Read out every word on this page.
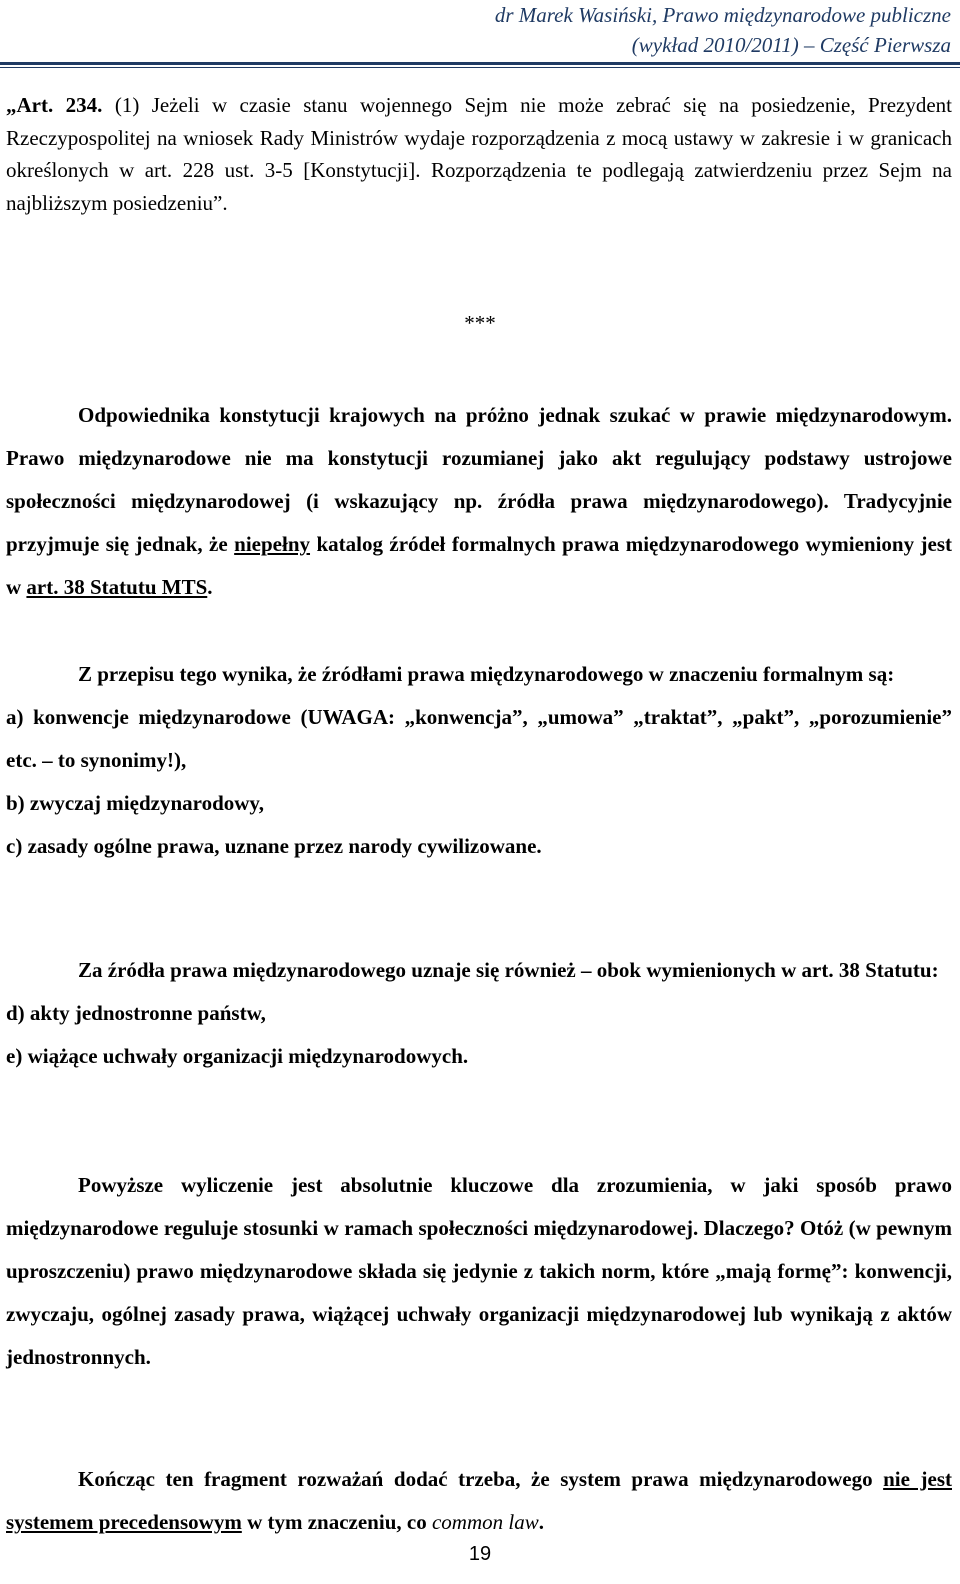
dr Marek Wasiński, Prawo międzynarodowe publiczne
(wykład 2010/2011) – Część Pierwsza
„Art. 234. (1) Jeżeli w czasie stanu wojennego Sejm nie może zebrać się na posiedzenie, Prezydent Rzeczypospolitej na wniosek Rady Ministrów wydaje rozporządzenia z mocą ustawy w zakresie i w granicach określonych w art. 228 ust. 3-5 [Konstytucji]. Rozporządzenia te podlegają zatwierdzeniu przez Sejm na najbliższym posiedzeniu”.
***
Odpowiednika konstytucji krajowych na próżno jednak szukać w prawie międzynarodowym. Prawo międzynarodowe nie ma konstytucji rozumianej jako akt regulujący podstawy ustrojowe społeczności międzynarodowej (i wskazujący np. źródła prawa międzynarodowego). Tradycyjnie przyjmuje się jednak, że niepełny katalog źródeł formalnych prawa międzynarodowego wymieniony jest w art. 38 Statutu MTS.
Z przepisu tego wynika, że źródłami prawa międzynarodowego w znaczeniu formalnym są:
a) konwencje międzynarodowe (UWAGA: „konwencja”, „umowa” „traktat”, „pakt”, „porozumienie” etc. – to synonimy!),
b) zwyczaj międzynarodowy,
c) zasady ogólne prawa, uznane przez narody cywilizowane.
Za źródła prawa międzynarodowego uznaje się również – obok wymienionych w art. 38 Statutu:
d) akty jednostronne państw,
e) wiążące uchwały organizacji międzynarodowych.
Powyższe wyliczenie jest absolutnie kluczowe dla zrozumienia, w jaki sposób prawo międzynarodowe reguluje stosunki w ramach społeczności międzynarodowej. Dlaczego? Otóż (w pewnym uproszczeniu) prawo międzynarodowe składa się jedynie z takich norm, które „mają formę”: konwencji, zwyczaju, ogólnej zasady prawa, wiążącej uchwały organizacji międzynarodowej lub wynikają z aktów jednostronnych.
Kończąc ten fragment rozważań dodać trzeba, że system prawa międzynarodowego nie jest systemem precedensowym w tym znaczeniu, co common law.
19
